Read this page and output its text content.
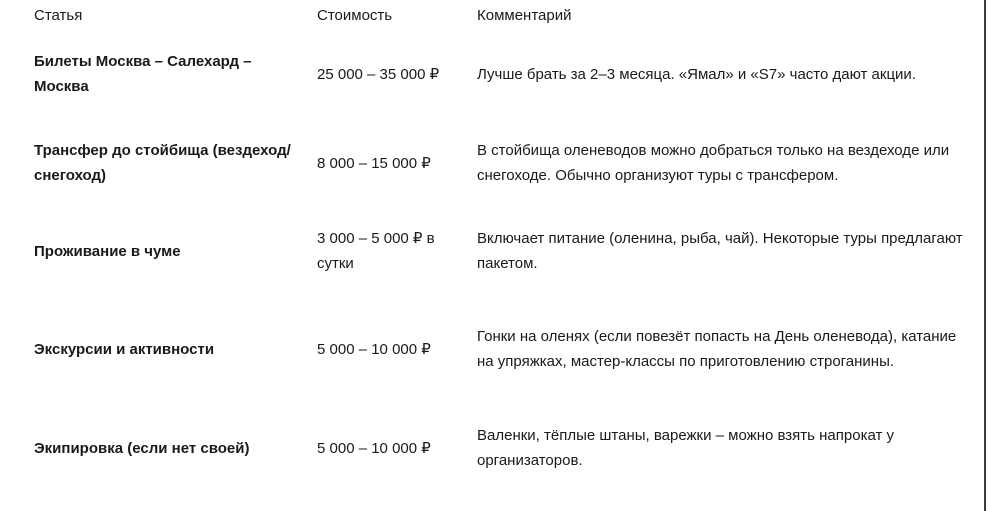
Статья	Стоимость	Комментарий
Билеты Москва – Салехард – Москва	25 000 – 35 000 ₽	Лучше брать за 2–3 месяца. «Ямал» и «S7» часто дают акции.
Трансфер до стойбища (вездеход/снегоход)	8 000 – 15 000 ₽	В стойбища оленеводов можно добраться только на вездеходе или снегоходе. Обычно организуют туры с трансфером.
Проживание в чуме	3 000 – 5 000 ₽ в сутки	Включает питание (оленина, рыба, чай). Некоторые туры предлагают пакетом.
Экскурсии и активности	5 000 – 10 000 ₽	Гонки на оленях (если повезёт попасть на День оленевода), катание на упряжках, мастер-классы по приготовлению строганины.
Экипировка (если нет своей)	5 000 – 10 000 ₽	Валенки, тёплые штаны, варежки – можно взять напрокат у организаторов.
